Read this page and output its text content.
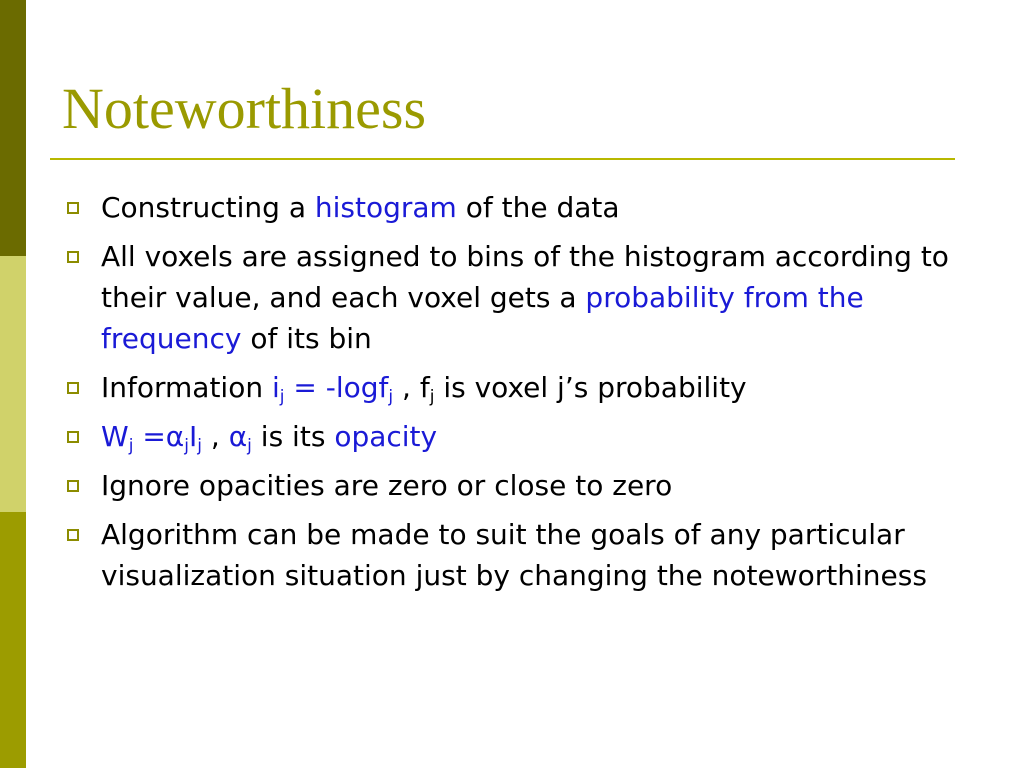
Noteworthiness
Constructing a histogram of the data
All voxels are assigned to bins of the histogram according to their value, and each voxel gets a probability from the frequency of its bin
Information $i_j = -\log f_j$ , $f_j$ is voxel j’s probability
$W_j =\alpha_jI_j$ , $\alpha_j$ is its opacity
Ignore opacities are zero or close to zero
Algorithm can be made to suit the goals of any particular visualization situation just by changing the noteworthiness
